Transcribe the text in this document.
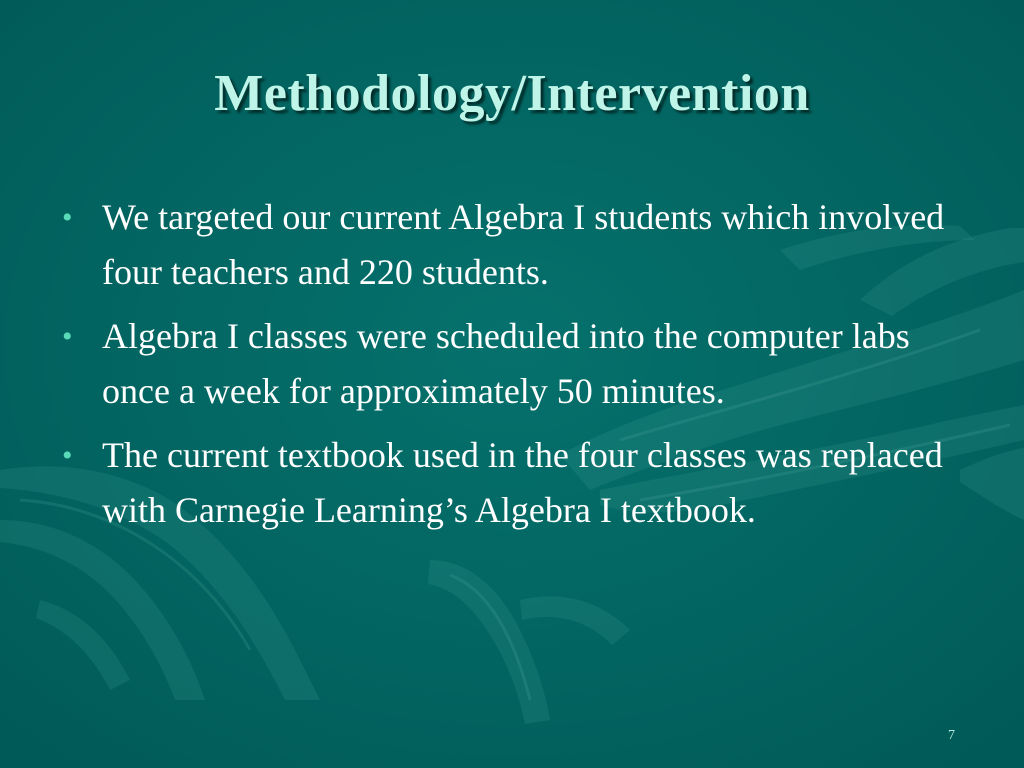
Methodology/Intervention
• We targeted our current Algebra I students which involved four teachers and 220 students.
• Algebra I classes were scheduled into the computer labs once a week for approximately 50 minutes.
• The current textbook used in the four classes was replaced with Carnegie Learning’s Algebra I textbook.
7
